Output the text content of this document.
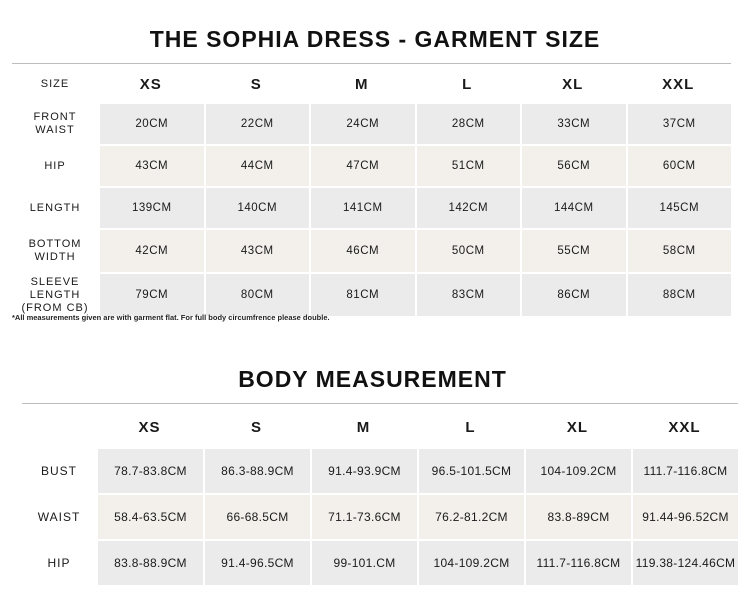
THE SOPHIA DRESS - GARMENT SIZE
SIZE	XS	S	M	L	XL	XXL
FRONT
WAIST	20CM	22CM	24CM	28CM	33CM	37CM
HIP	43CM	44CM	47CM	51CM	56CM	60CM
LENGTH	139CM	140CM	141CM	142CM	144CM	145CM
BOTTOM
WIDTH	42CM	43CM	46CM	50CM	55CM	58CM
SLEEVE
LENGTH
(FROM CB)	79CM	80CM	81CM	83CM	86CM	88CM
*All measurements given are with garment flat. For full body circumfrence please double.
BODY MEASUREMENT
	XS	S	M	L	XL	XXL
BUST	78.7-83.8CM	86.3-88.9CM	91.4-93.9CM	96.5-101.5CM	104-109.2CM	111.7-116.8CM
WAIST	58.4-63.5CM	66-68.5CM	71.1-73.6CM	76.2-81.2CM	83.8-89CM	91.44-96.52CM
HIP	83.8-88.9CM	91.4-96.5CM	99-101.CM	104-109.2CM	111.7-116.8CM	119.38-124.46CM
